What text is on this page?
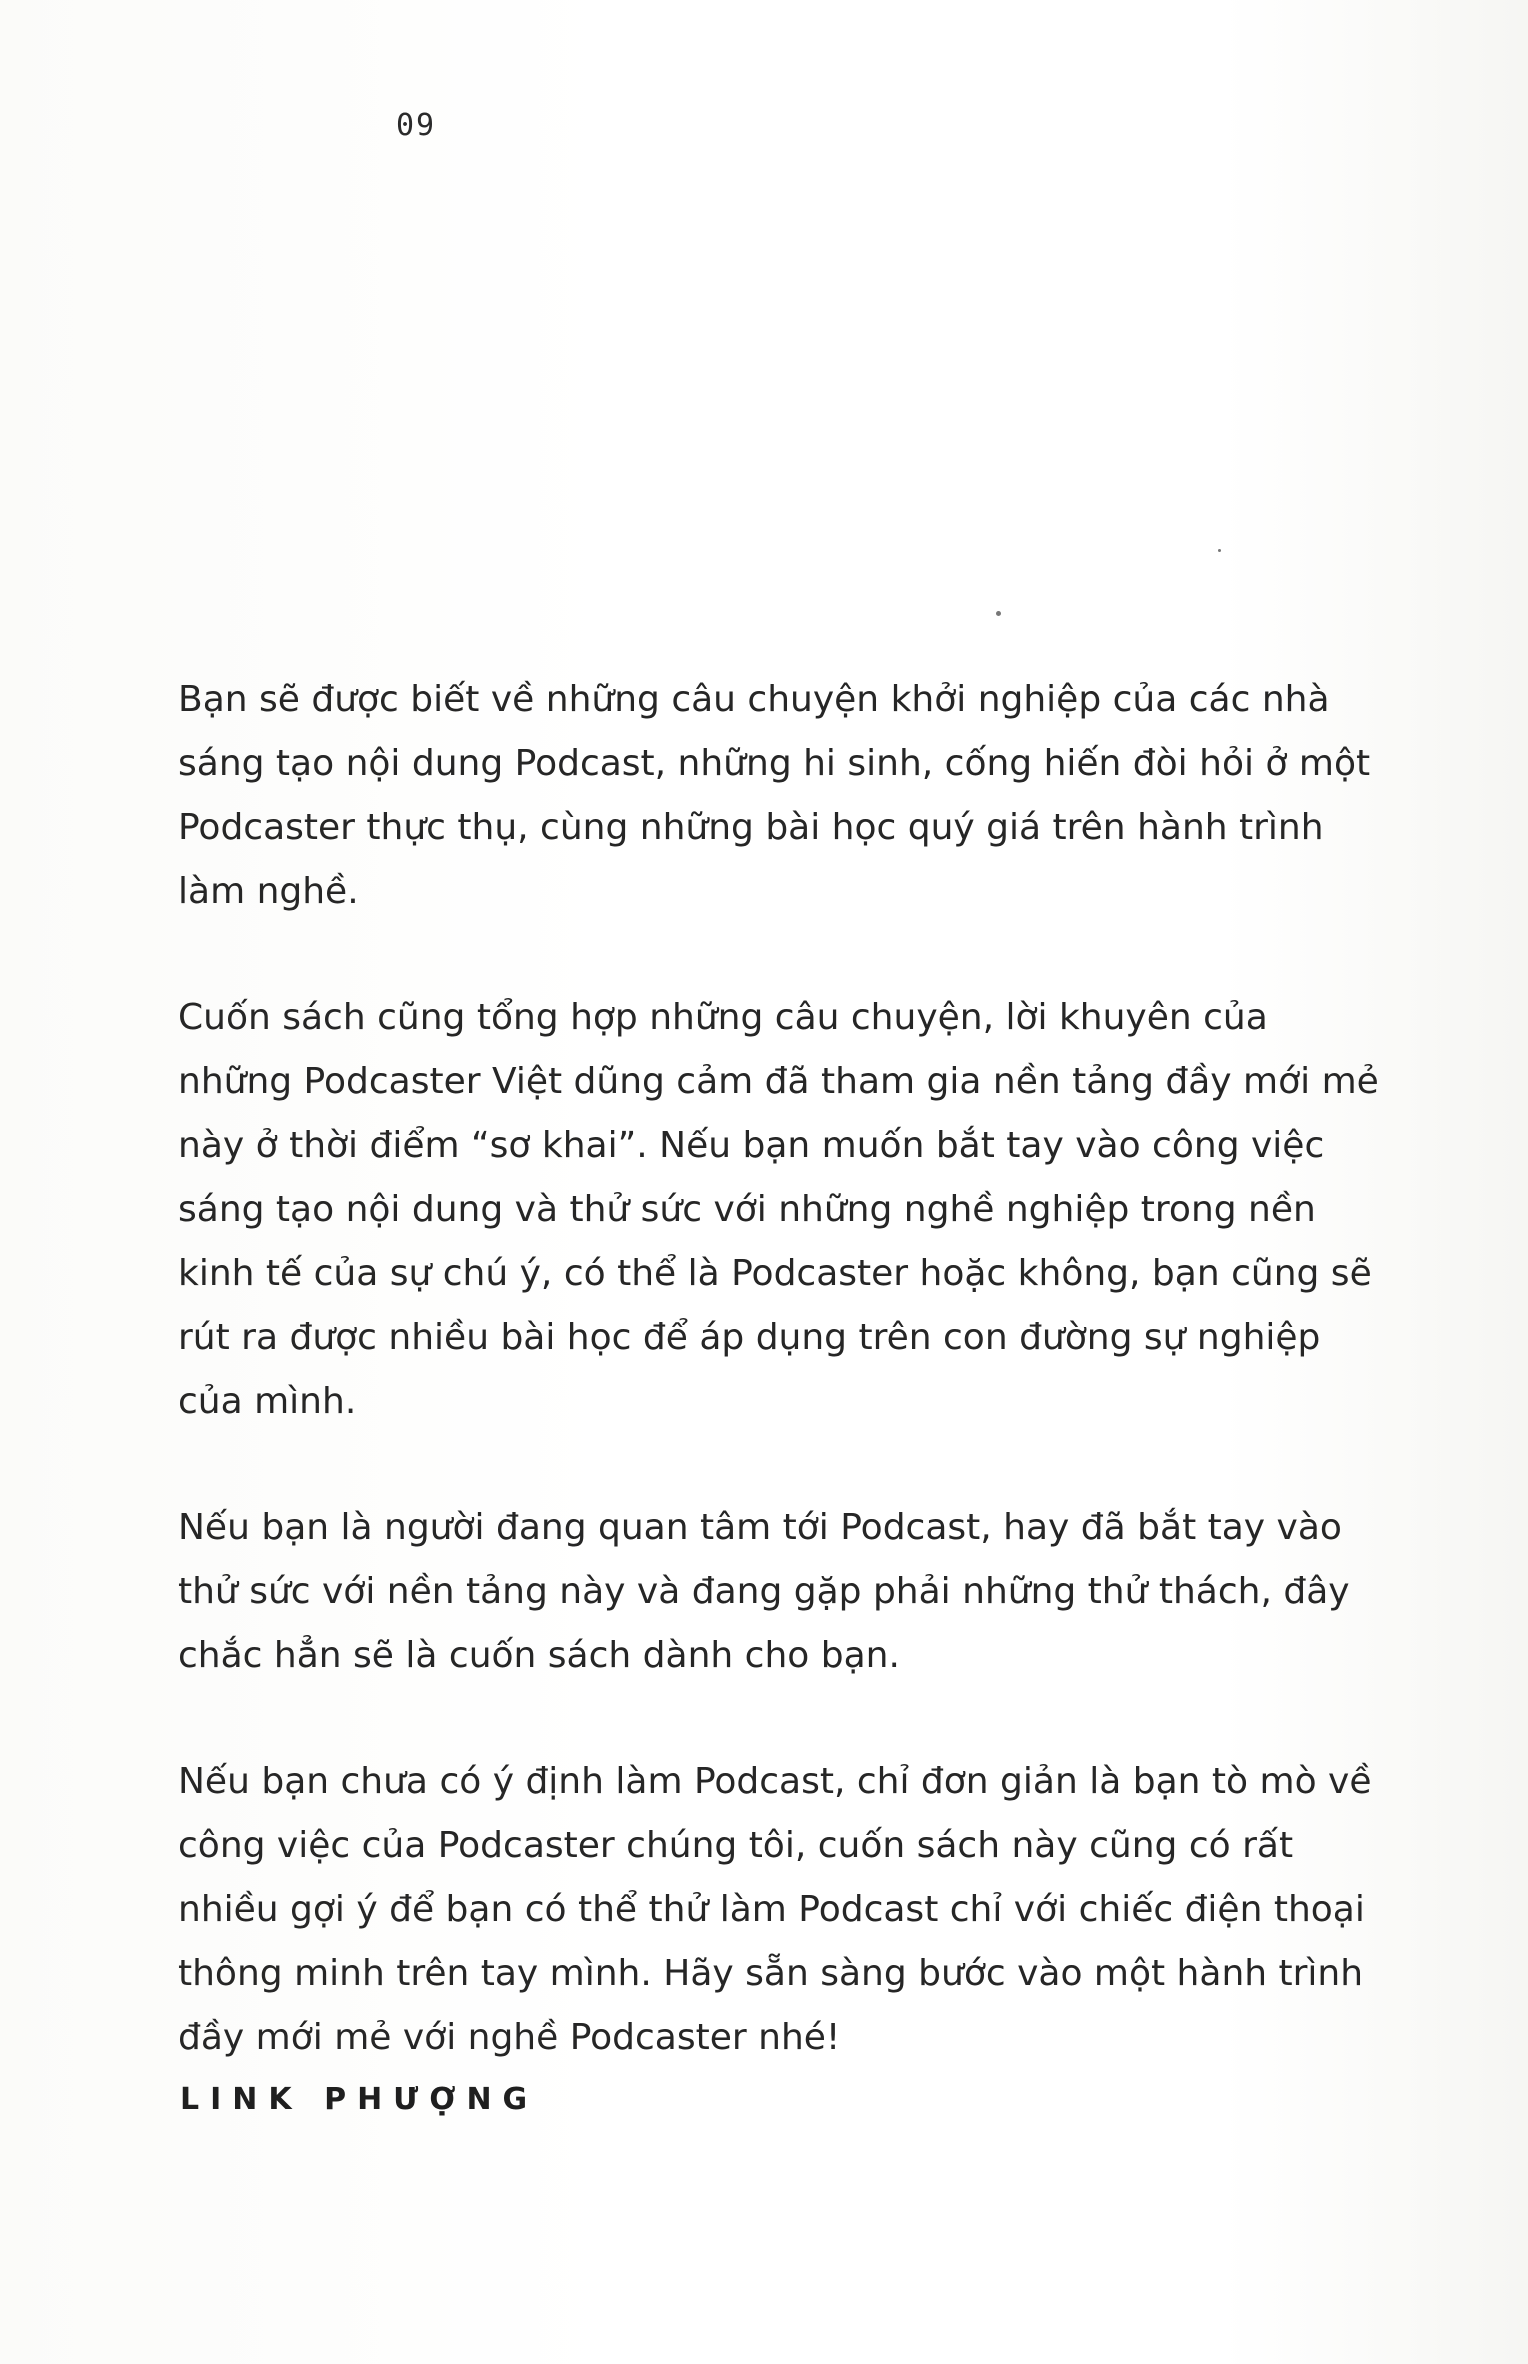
09

Bạn sẽ được biết về những câu chuyện khởi nghiệp của các nhà sáng tạo nội dung Podcast, những hi sinh, cống hiến đòi hỏi ở một Podcaster thực thụ, cùng những bài học quý giá trên hành trình làm nghề.

Cuốn sách cũng tổng hợp những câu chuyện, lời khuyên của những Podcaster Việt dũng cảm đã tham gia nền tảng đầy mới mẻ này ở thời điểm “sơ khai”. Nếu bạn muốn bắt tay vào công việc sáng tạo nội dung và thử sức với những nghề nghiệp trong nền kinh tế của sự chú ý, có thể là Podcaster hoặc không, bạn cũng sẽ rút ra được nhiều bài học để áp dụng trên con đường sự nghiệp của mình.

Nếu bạn là người đang quan tâm tới Podcast, hay đã bắt tay vào thử sức với nền tảng này và đang gặp phải những thử thách, đây chắc hẳn sẽ là cuốn sách dành cho bạn.

Nếu bạn chưa có ý định làm Podcast, chỉ đơn giản là bạn tò mò về công việc của Podcaster chúng tôi, cuốn sách này cũng có rất nhiều gợi ý để bạn có thể thử làm Podcast chỉ với chiếc điện thoại thông minh trên tay mình. Hãy sẵn sàng bước vào một hành trình đầy mới mẻ với nghề Podcaster nhé!

LINK PHƯỢNG
